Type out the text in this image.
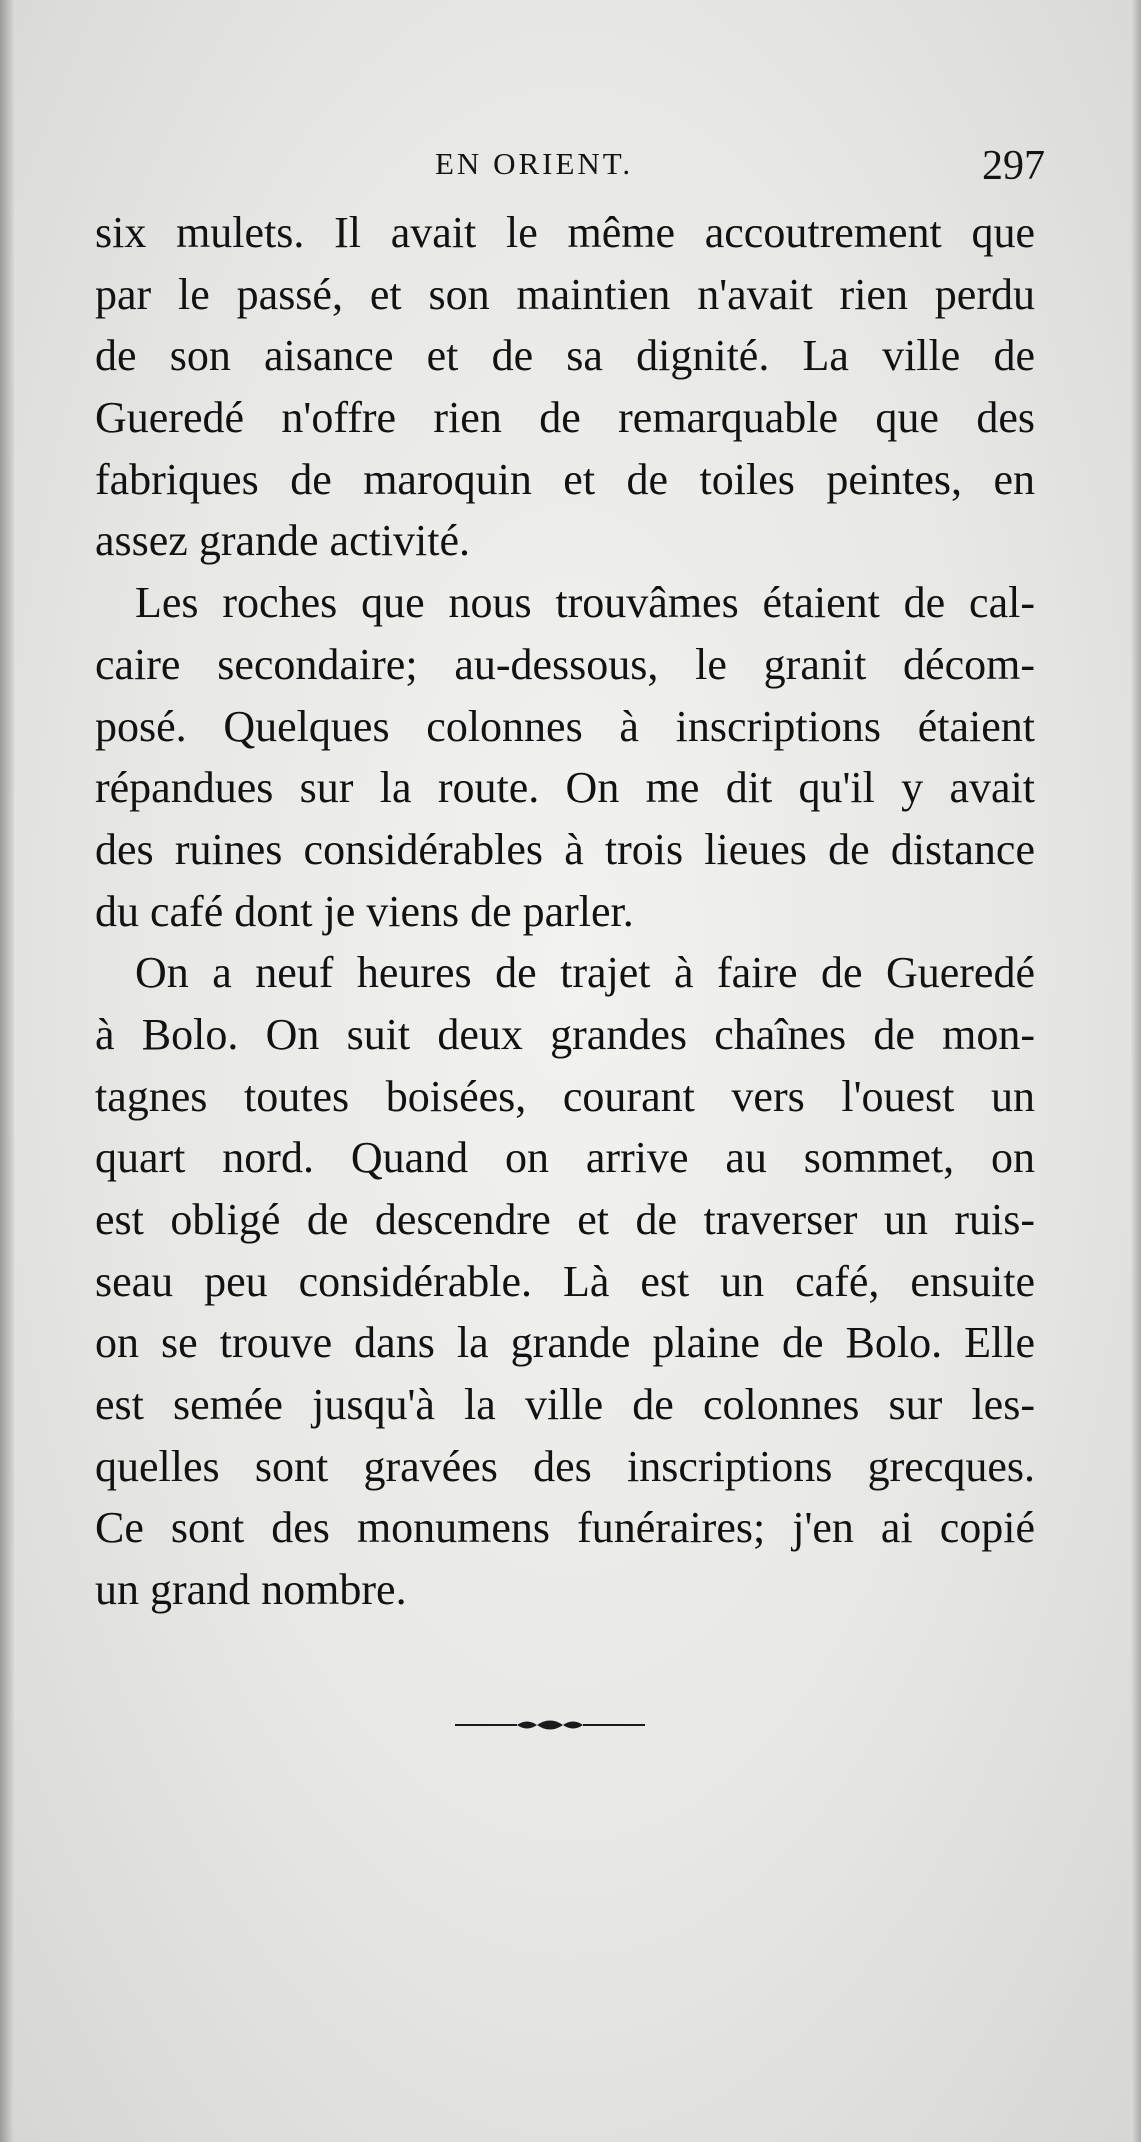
EN ORIENT.	297
six mulets. Il avait le même accoutrement que
par le passé, et son maintien n'avait rien perdu
de son aisance et de sa dignité. La ville de
Gueredé n'offre rien de remarquable que des
fabriques de maroquin et de toiles peintes, en
assez grande activité.
Les roches que nous trouvâmes étaient de cal-
caire secondaire; au-dessous, le granit décom-
posé. Quelques colonnes à inscriptions étaient
répandues sur la route. On me dit qu'il y avait
des ruines considérables à trois lieues de distance
du café dont je viens de parler.
On a neuf heures de trajet à faire de Gueredé
à Bolo. On suit deux grandes chaînes de mon-
tagnes toutes boisées, courant vers l'ouest un
quart nord. Quand on arrive au sommet, on
est obligé de descendre et de traverser un ruis-
seau peu considérable. Là est un café, ensuite
on se trouve dans la grande plaine de Bolo. Elle
est semée jusqu'à la ville de colonnes sur les-
quelles sont gravées des inscriptions grecques.
Ce sont des monumens funéraires; j'en ai copié
un grand nombre.
